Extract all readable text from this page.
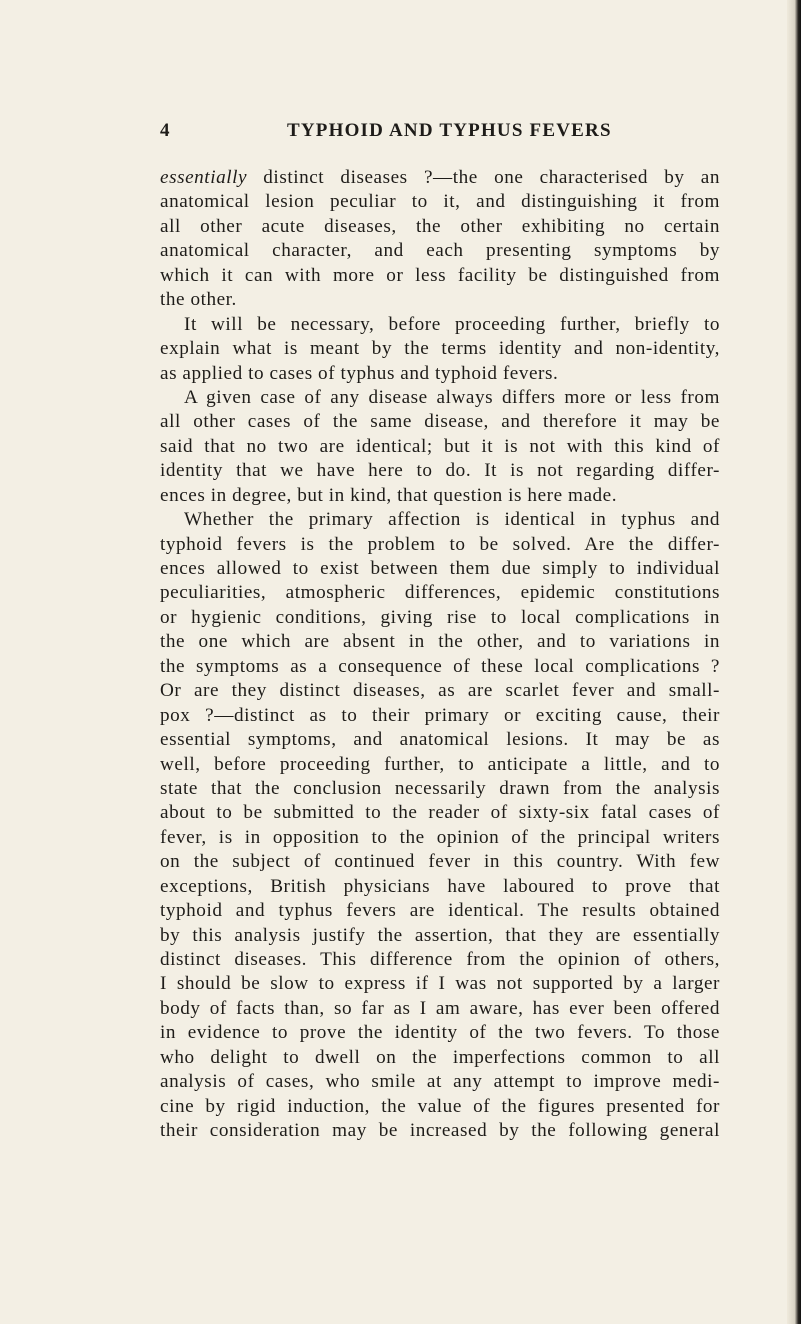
4	TYPHOID AND TYPHUS FEVERS
essentially distinct diseases ?—the one characterised by an
anatomical lesion peculiar to it, and distinguishing it from
all other acute diseases, the other exhibiting no certain
anatomical character, and each presenting symptoms by
which it can with more or less facility be distinguished from
the other.
It will be necessary, before proceeding further, briefly to
explain what is meant by the terms identity and non-identity,
as applied to cases of typhus and typhoid fevers.
A given case of any disease always differs more or less from
all other cases of the same disease, and therefore it may be
said that no two are identical; but it is not with this kind of
identity that we have here to do. It is not regarding differ-
ences in degree, but in kind, that question is here made.
Whether the primary affection is identical in typhus and
typhoid fevers is the problem to be solved. Are the differ-
ences allowed to exist between them due simply to individual
peculiarities, atmospheric differences, epidemic constitutions
or hygienic conditions, giving rise to local complications in
the one which are absent in the other, and to variations in
the symptoms as a consequence of these local complications ?
Or are they distinct diseases, as are scarlet fever and small-
pox ?—distinct as to their primary or exciting cause, their
essential symptoms, and anatomical lesions. It may be as
well, before proceeding further, to anticipate a little, and to
state that the conclusion necessarily drawn from the analysis
about to be submitted to the reader of sixty-six fatal cases of
fever, is in opposition to the opinion of the principal writers
on the subject of continued fever in this country. With few
exceptions, British physicians have laboured to prove that
typhoid and typhus fevers are identical. The results obtained
by this analysis justify the assertion, that they are essentially
distinct diseases. This difference from the opinion of others,
I should be slow to express if I was not supported by a larger
body of facts than, so far as I am aware, has ever been offered
in evidence to prove the identity of the two fevers. To those
who delight to dwell on the imperfections common to all
analysis of cases, who smile at any attempt to improve medi-
cine by rigid induction, the value of the figures presented for
their consideration may be increased by the following general
